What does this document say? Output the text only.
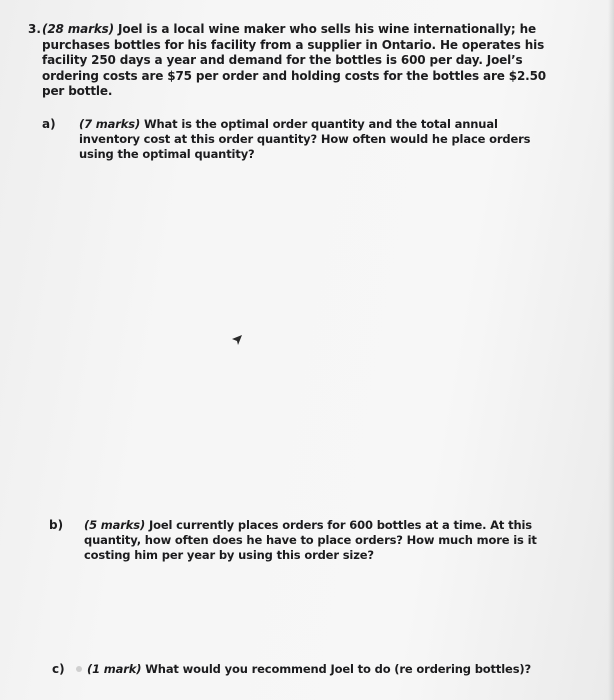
3. (28 marks) Joel is a local wine maker who sells his wine internationally; he purchases bottles for his facility from a supplier in Ontario. He operates his facility 250 days a year and demand for the bottles is 600 per day. Joel’s ordering costs are $75 per order and holding costs for the bottles are $2.50 per bottle.
a) (7 marks) What is the optimal order quantity and the total annual inventory cost at this order quantity? How often would he place orders using the optimal quantity?
b) (5 marks) Joel currently places orders for 600 bottles at a time. At this quantity, how often does he have to place orders? How much more is it costing him per year by using this order size?
c) (1 mark) What would you recommend Joel to do (re ordering bottles)?
